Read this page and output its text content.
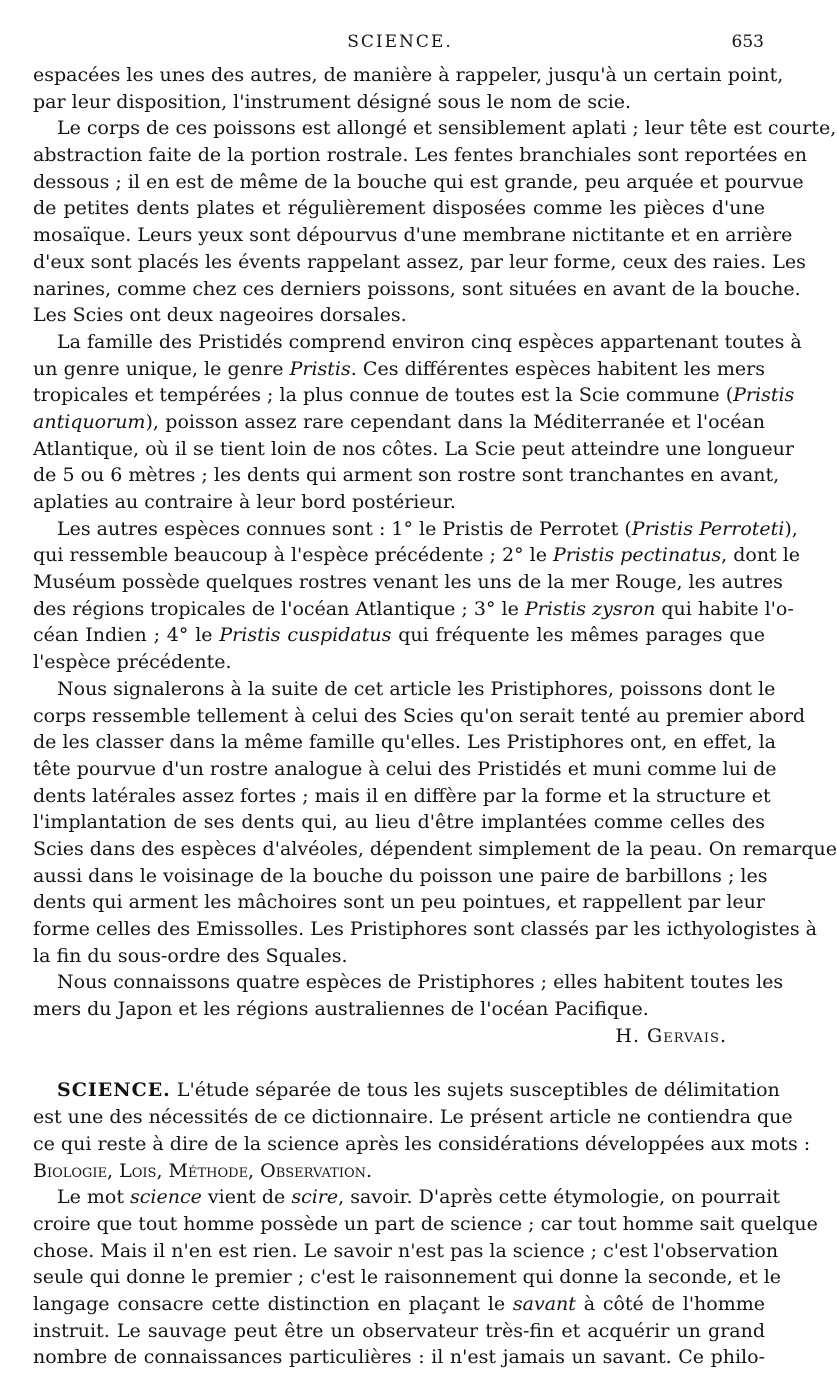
SCIENCE.	653
espacées les unes des autres, de manière à rappeler, jusqu'à un certain point,
par leur disposition, l'instrument désigné sous le nom de scie.
Le corps de ces poissons est allongé et sensiblement aplati ; leur tête est courte,
abstraction faite de la portion rostrale. Les fentes branchiales sont reportées en
dessous ; il en est de même de la bouche qui est grande, peu arquée et pourvue
de petites dents plates et régulièrement disposées comme les pièces d'une
mosaïque. Leurs yeux sont dépourvus d'une membrane nictitante et en arrière
d'eux sont placés les évents rappelant assez, par leur forme, ceux des raies. Les
narines, comme chez ces derniers poissons, sont situées en avant de la bouche.
Les Scies ont deux nageoires dorsales.
La famille des Pristidés comprend environ cinq espèces appartenant toutes à
un genre unique, le genre Pristis. Ces différentes espèces habitent les mers
tropicales et tempérées ; la plus connue de toutes est la Scie commune (Pristis
antiquorum), poisson assez rare cependant dans la Méditerranée et l'océan
Atlantique, où il se tient loin de nos côtes. La Scie peut atteindre une longueur
de 5 ou 6 mètres ; les dents qui arment son rostre sont tranchantes en avant,
aplaties au contraire à leur bord postérieur.
Les autres espèces connues sont : 1° le Pristis de Perrotet (Pristis Perroteti),
qui ressemble beaucoup à l'espèce précédente ; 2° le Pristis pectinatus, dont le
Muséum possède quelques rostres venant les uns de la mer Rouge, les autres
des régions tropicales de l'océan Atlantique ; 3° le Pristis zysron qui habite l'o-
céan Indien ; 4° le Pristis cuspidatus qui fréquente les mêmes parages que
l'espèce précédente.
Nous signalerons à la suite de cet article les Pristiphores, poissons dont le
corps ressemble tellement à celui des Scies qu'on serait tenté au premier abord
de les classer dans la même famille qu'elles. Les Pristiphores ont, en effet, la
tête pourvue d'un rostre analogue à celui des Pristidés et muni comme lui de
dents latérales assez fortes ; mais il en diffère par la forme et la structure et
l'implantation de ses dents qui, au lieu d'être implantées comme celles des
Scies dans des espèces d'alvéoles, dépendent simplement de la peau. On remarque
aussi dans le voisinage de la bouche du poisson une paire de barbillons ; les
dents qui arment les mâchoires sont un peu pointues, et rappellent par leur
forme celles des Emissolles. Les Pristiphores sont classés par les icthyologistes à
la fin du sous-ordre des Squales.
Nous connaissons quatre espèces de Pristiphores ; elles habitent toutes les
mers du Japon et les régions australiennes de l'océan Pacifique.
H. Gervais.
SCIENCE. L'étude séparée de tous les sujets susceptibles de délimitation
est une des nécessités de ce dictionnaire. Le présent article ne contiendra que
ce qui reste à dire de la science après les considérations développées aux mots :
Biologie, Lois, Méthode, Observation.
Le mot science vient de scire, savoir. D'après cette étymologie, on pourrait
croire que tout homme possède un part de science ; car tout homme sait quelque
chose. Mais il n'en est rien. Le savoir n'est pas la science ; c'est l'observation
seule qui donne le premier ; c'est le raisonnement qui donne la seconde, et le
langage consacre cette distinction en plaçant le savant à côté de l'homme
instruit. Le sauvage peut être un observateur très-fin et acquérir un grand
nombre de connaissances particulières : il n'est jamais un savant. Ce philo-
